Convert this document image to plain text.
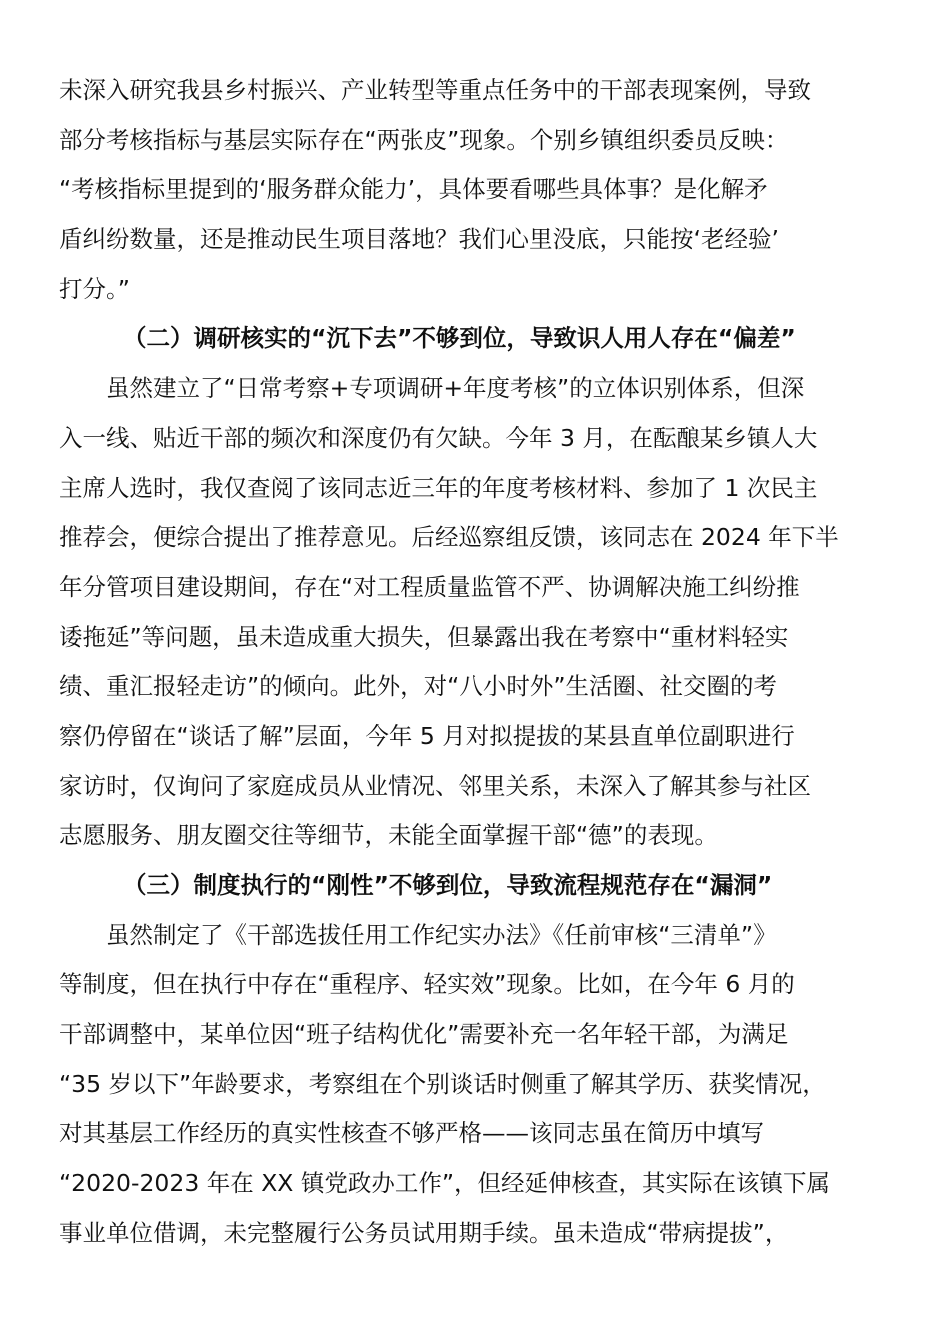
未深入研究我县乡村振兴、产业转型等重点任务中的干部表现案例，导致
部分考核指标与基层实际存在“两张皮”现象。个别乡镇组织委员反映：
“考核指标里提到的‘服务群众能力’，具体要看哪些具体事？是化解矛
盾纠纷数量，还是推动民生项目落地？我们心里没底，只能按‘老经验’
打分。”
（二）调研核实的“沉下去”不够到位，导致识人用人存在“偏差”
虽然建立了“日常考察+专项调研+年度考核”的立体识别体系，但深
入一线、贴近干部的频次和深度仍有欠缺。今年 3 月，在酝酿某乡镇人大
主席人选时，我仅查阅了该同志近三年的年度考核材料、参加了 1 次民主
推荐会，便综合提出了推荐意见。后经巡察组反馈，该同志在 2024 年下半
年分管项目建设期间，存在“对工程质量监管不严、协调解决施工纠纷推
诿拖延”等问题，虽未造成重大损失，但暴露出我在考察中“重材料轻实
绩、重汇报轻走访”的倾向。此外，对“八小时外”生活圈、社交圈的考
察仍停留在“谈话了解”层面，今年 5 月对拟提拔的某县直单位副职进行
家访时，仅询问了家庭成员从业情况、邻里关系，未深入了解其参与社区
志愿服务、朋友圈交往等细节，未能全面掌握干部“德”的表现。
（三）制度执行的“刚性”不够到位，导致流程规范存在“漏洞”
虽然制定了《干部选拔任用工作纪实办法》《任前审核“三清单”》
等制度，但在执行中存在“重程序、轻实效”现象。比如，在今年 6 月的
干部调整中，某单位因“班子结构优化”需要补充一名年轻干部，为满足
“35 岁以下”年龄要求，考察组在个别谈话时侧重了解其学历、获奖情况，
对其基层工作经历的真实性核查不够严格——该同志虽在简历中填写
“2020-2023 年在 XX 镇党政办工作”，但经延伸核查，其实际在该镇下属
事业单位借调，未完整履行公务员试用期手续。虽未造成“带病提拔”，
